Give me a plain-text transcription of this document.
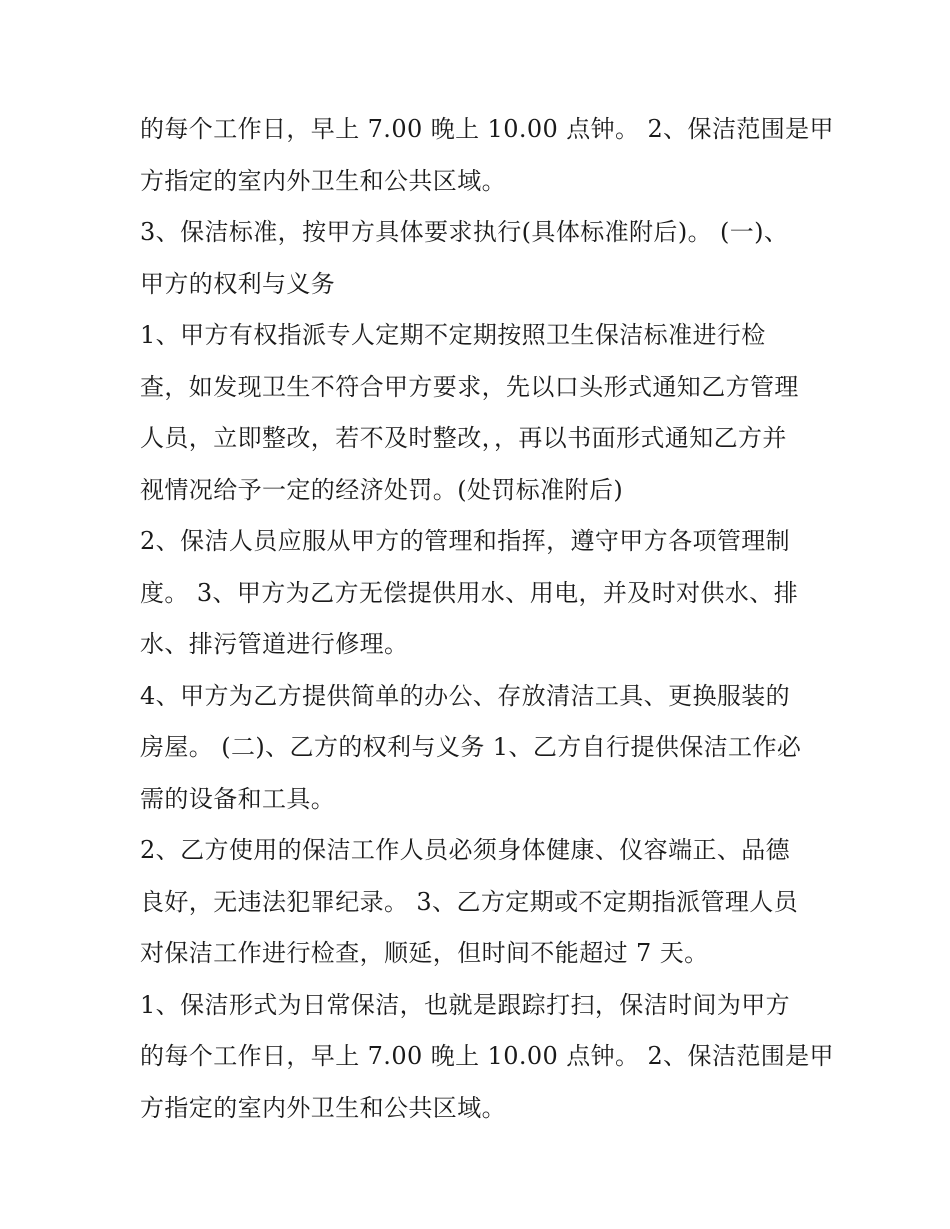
的每个工作日，早上 7.00 晚上 10.00 点钟。 2、保洁范围是甲
方指定的室内外卫生和公共区域。
3、保洁标准，按甲方具体要求执行(具体标准附后)。 (一)、
甲方的权利与义务
1、甲方有权指派专人定期不定期按照卫生保洁标准进行检
查，如发现卫生不符合甲方要求，先以口头形式通知乙方管理
人员，立即整改，若不及时整改，，再以书面形式通知乙方并
视情况给予一定的经济处罚。(处罚标准附后)
2、保洁人员应服从甲方的管理和指挥，遵守甲方各项管理制
度。 3、甲方为乙方无偿提供用水、用电，并及时对供水、排
水、排污管道进行修理。
4、甲方为乙方提供简单的办公、存放清洁工具、更换服装的
房屋。 (二)、乙方的权利与义务 1、乙方自行提供保洁工作必
需的设备和工具。
2、乙方使用的保洁工作人员必须身体健康、仪容端正、品德
良好，无违法犯罪纪录。 3、乙方定期或不定期指派管理人员
对保洁工作进行检查，顺延，但时间不能超过 7 天。
1、保洁形式为日常保洁，也就是跟踪打扫，保洁时间为甲方
的每个工作日，早上 7.00 晚上 10.00 点钟。 2、保洁范围是甲
方指定的室内外卫生和公共区域。
